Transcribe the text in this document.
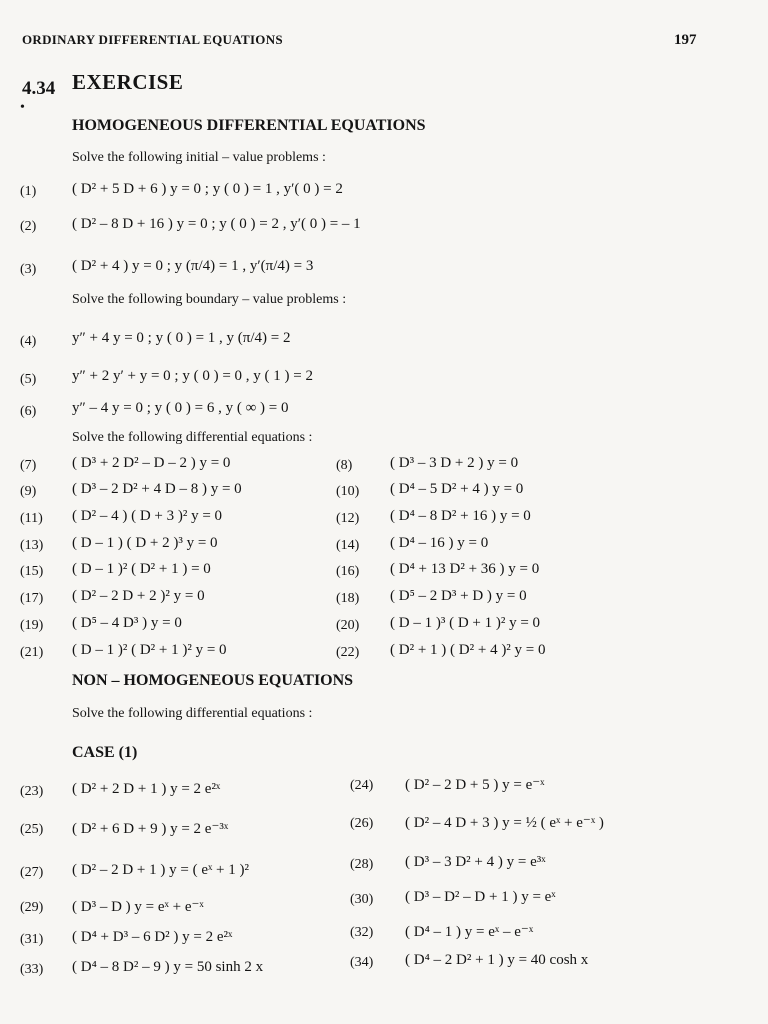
ORDINARY DIFFERENTIAL EQUATIONS	197
4.34
•
EXERCISE
HOMOGENEOUS DIFFERENTIAL EQUATIONS
Solve the following initial – value problems :
(1) ( D² + 5 D + 6 ) y = 0 ; y ( 0 ) = 1 , y′( 0 ) = 2
(2) ( D² – 8 D + 16 ) y = 0 ; y ( 0 ) = 2 , y′( 0 ) = – 1
(3) ( D² + 4 ) y = 0 ; y (π/4) = 1 , y′(π/4) = 3
Solve the following boundary – value problems :
(4) y″ + 4 y = 0 ; y ( 0 ) = 1 , y (π/4) = 2
(5) y″ + 2 y′ + y = 0 ; y ( 0 ) = 0 , y ( 1 ) = 2
(6) y″ – 4 y = 0 ; y ( 0 ) = 6 , y ( ∞ ) = 0
Solve the following differential equations :
(7) ( D³ + 2 D² – D – 2 ) y = 0	(8)	( D³ – 3 D + 2 ) y = 0
(9) ( D³ – 2 D² + 4 D – 8 ) y = 0	(10) ( D⁴ – 5 D² + 4 ) y = 0
(11) ( D² – 4 ) ( D + 3 )² y = 0	(12) ( D⁴ – 8 D² + 16 ) y = 0
(13) ( D – 1 ) ( D + 2 )³ y = 0	(14) ( D⁴ – 16 ) y = 0
(15) ( D – 1 )² ( D² + 1 ) = 0	(16) ( D⁴ + 13 D² + 36 ) y = 0
(17) ( D² – 2 D + 2 )² y = 0	(18) ( D⁵ – 2 D³ + D ) y = 0
(19) ( D⁵ – 4 D³ ) y = 0	(20) ( D – 1 )³ ( D + 1 )² y = 0
(21) ( D – 1 )² ( D² + 1 )² y = 0	(22) ( D² + 1 ) ( D² + 4 )² y = 0
NON – HOMOGENEOUS EQUATIONS
Solve the following differential equations :
CASE (1)
(23) ( D² + 2 D + 1 ) y = 2 e²ˣ	(24) ( D² – 2 D + 5 ) y = e⁻ˣ
(25) ( D² + 6 D + 9 ) y = 2 e⁻³ˣ	(26) ( D² – 4 D + 3 ) y = ½ ( eˣ + e⁻ˣ )
(27) ( D² – 2 D + 1 ) y = ( eˣ + 1 )²	(28) ( D³ – 3 D² + 4 ) y = e³ˣ
(29) ( D³ – D ) y = eˣ + e⁻ˣ	(30) ( D³ – D² – D + 1 ) y = eˣ
(31) ( D⁴ + D³ – 6 D² ) y = 2 e²ˣ	(32) ( D⁴ – 1 ) y = eˣ – e⁻ˣ
(33) ( D⁴ – 8 D² – 9 ) y = 50 sinh 2 x	(34) ( D⁴ – 2 D² + 1 ) y = 40 cosh x
